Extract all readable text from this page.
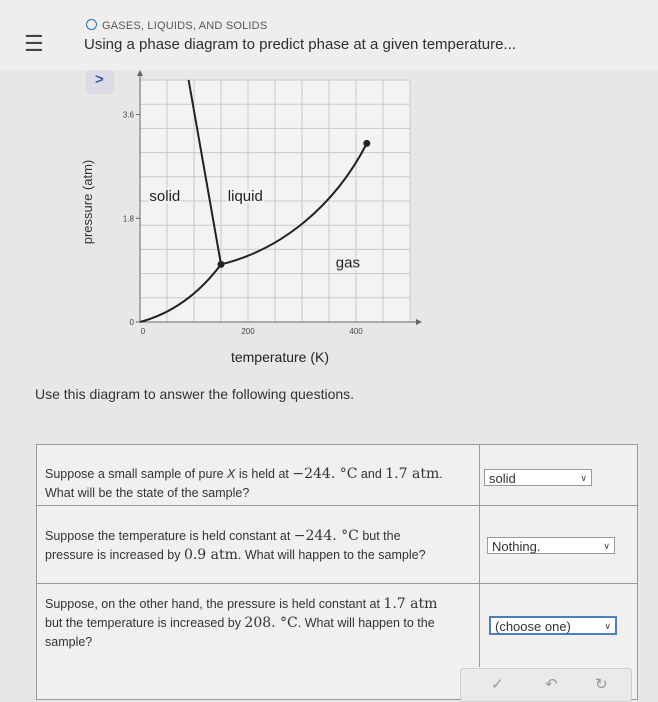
☰
GASES, LIQUIDS, AND SOLIDS
Using a phase diagram to predict phase at a given temperature...
>
0	200	400
0
1.8
3.6
solid	liquid
gas
temperature (K)
pressure (atm)
Use this diagram to answer the following questions.
Suppose a small sample of pure X is held at −244. °C and 1.7 atm.
What will be the state of the sample?
solid	∨
Suppose the temperature is held constant at −244. °C but the
pressure is increased by 0.9 atm. What will happen to the sample?
Nothing.	∨
Suppose, on the other hand, the pressure is held constant at 1.7 atm
but the temperature is increased by 208. °C. What will happen to the
sample?
(choose one)	∨
✓	↶ ↻
